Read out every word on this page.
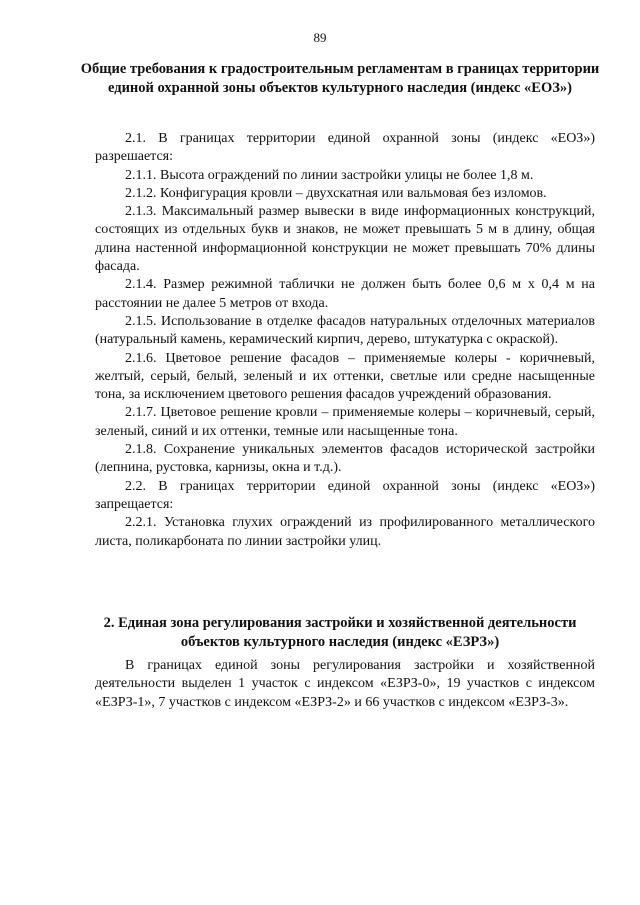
89
Общие требования к градостроительным регламентам в границах территории единой охранной зоны объектов культурного наследия (индекс «ЕОЗ»)

2.1. В границах территории единой охранной зоны (индекс «ЕОЗ») разрешается:

2.1.1. Высота ограждений по линии застройки улицы не более 1,8 м.

2.1.2. Конфигурация кровли – двухскатная или вальмовая без изломов.

2.1.3. Максимальный размер вывески в виде информационных конструкций, состоящих из отдельных букв и знаков, не может превышать 5 м в длину, общая длина настенной информационной конструкции не может превышать 70% длины фасада.

2.1.4. Размер режимной таблички не должен быть более 0,6 м х 0,4 м на расстоянии не далее 5 метров от входа.

2.1.5. Использование в отделке фасадов натуральных отделочных материалов (натуральный камень, керамический кирпич, дерево, штукатурка с окраской).

2.1.6. Цветовое решение фасадов – применяемые колеры - коричневый, желтый, серый, белый, зеленый и их оттенки, светлые или средне насыщенные тона, за исключением цветового решения фасадов учреждений образования.

2.1.7. Цветовое решение кровли – применяемые колеры – коричневый, серый, зеленый, синий и их оттенки, темные или насыщенные тона.

2.1.8. Сохранение уникальных элементов фасадов исторической застройки (лепнина, рустовка, карнизы, окна и т.д.).

2.2. В границах территории единой охранной зоны (индекс «ЕОЗ») запрещается:

2.2.1. Установка глухих ограждений из профилированного металлического листа, поликарбоната по линии застройки улиц.

2. Единая зона регулирования застройки и хозяйственной деятельности объектов культурного наследия (индекс «ЕЗРЗ»)

В границах единой зоны регулирования застройки и хозяйственной деятельности выделен 1 участок с индексом «ЕЗРЗ-0», 19 участков с индексом «ЕЗРЗ-1», 7 участков с индексом «ЕЗРЗ-2» и 66 участков с индексом «ЕЗРЗ-3».
